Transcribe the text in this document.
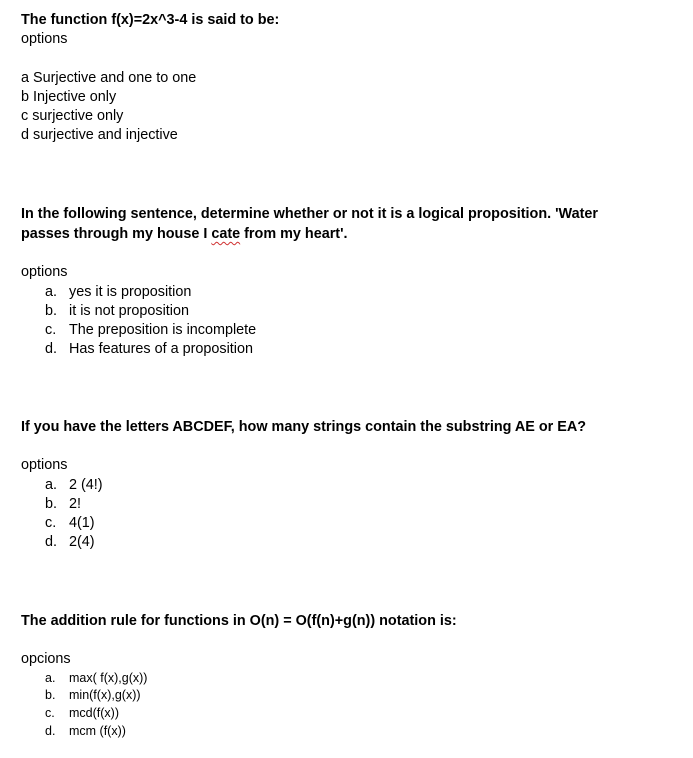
The function f(x)=2x^3-4 is said to be:
options
a Surjective and one to one
b Injective only
c surjective only
d surjective and injective
In the following sentence, determine whether or not it is a logical proposition. 'Water
passes through my house I cate from my heart'.
options
a. yes it is proposition
b. it is not proposition
c. The preposition is incomplete
d. Has features of a proposition
If you have the letters ABCDEF, how many strings contain the substring AE or EA?
options
a. 2 (4!)
b. 2!
c. 4(1)
d. 2(4)
The addition rule for functions in O(n) = O(f(n)+g(n)) notation is:
opcions
a.	max( f(x),g(x))
b.	min(f(x),g(x))
c.	mcd(f(x))
d.	mcm (f(x))
